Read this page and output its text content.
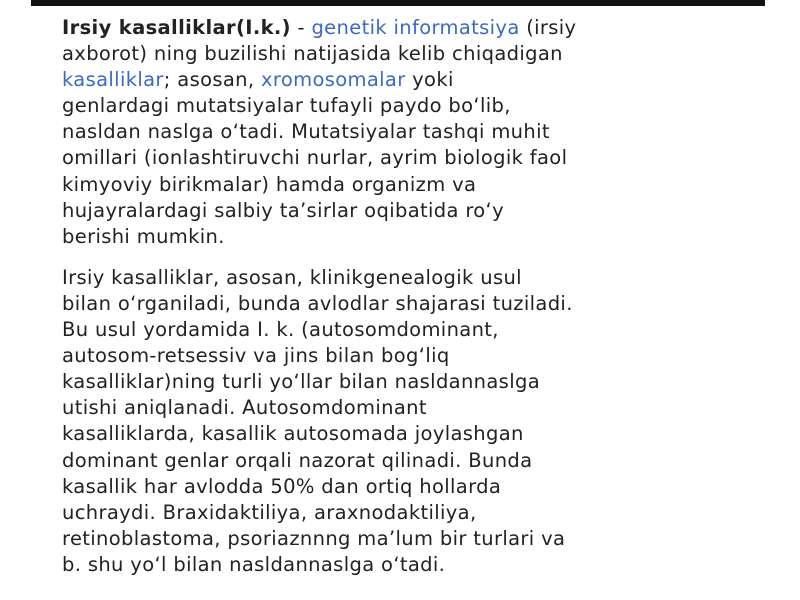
Irsiy kasalliklar(I.k.) - genetik informatsiya (irsiy
axborot) ning buzilishi natijasida kelib chiqadigan
kasalliklar; asosan, xromosomalar yoki
genlardagi mutatsiyalar tufayli paydo bo‘lib,
nasldan naslga o‘tadi. Mutatsiyalar tashqi muhit
omillari (ionlashtiruvchi nurlar, ayrim biologik faol
kimyoviy birikmalar) hamda organizm va
hujayralardagi salbiy ta’sirlar oqibatida ro‘y
berishi mumkin.

Irsiy kasalliklar, asosan, klinikgenealogik usul
bilan o‘rganiladi, bunda avlodlar shajarasi tuziladi.
Bu usul yordamida I. k. (autosomdominant,
autosom-retsessiv va jins bilan bog‘liq
kasalliklar)ning turli yo‘llar bilan nasldannaslga
utishi aniqlanadi. Autosomdominant
kasalliklarda, kasallik autosomada joylashgan
dominant genlar orqali nazorat qilinadi. Bunda
kasallik har avlodda 50% dan ortiq hollarda
uchraydi. Braxidaktiliya, araxnodaktiliya,
retinoblastoma, psoriaznnng ma’lum bir turlari va
b. shu yo‘l bilan nasldannaslga o‘tadi.
